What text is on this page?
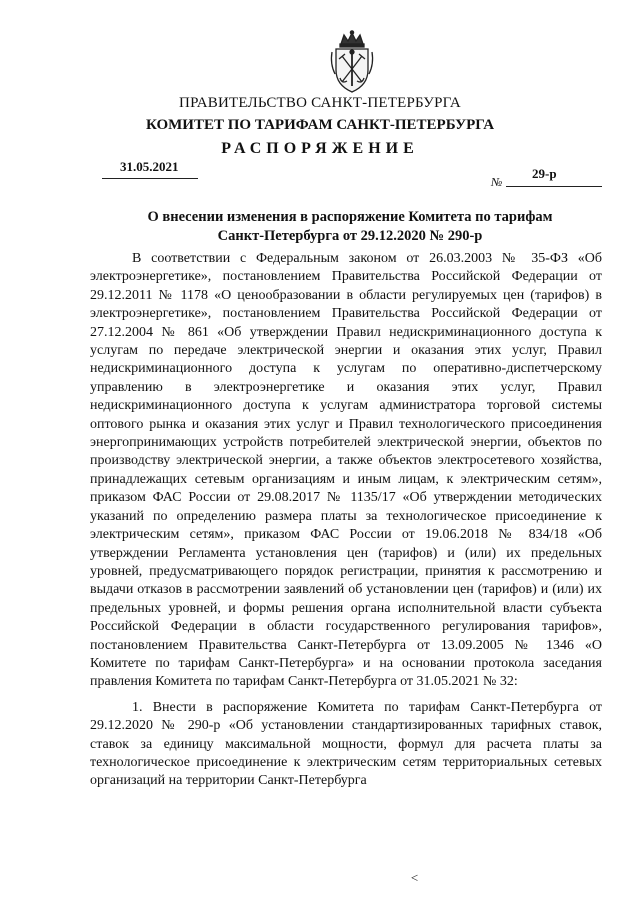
ПРАВИТЕЛЬСТВО САНКТ-ПЕТЕРБУРГА
КОМИТЕТ ПО ТАРИФАМ САНКТ-ПЕТЕРБУРГА
РАСПОРЯЖЕНИЕ
31.05.2021
№
29-р
О внесении изменения в распоряжение Комитета по тарифам
Санкт-Петербурга от 29.12.2020 № 290-р

В соответствии с Федеральным законом от 26.03.2003 № 35-ФЗ «Об электроэнергетике», постановлением Правительства Российской Федерации от 29.12.2011 № 1178 «О ценообразовании в области регулируемых цен (тарифов) в электроэнергетике», постановлением Правительства Российской Федерации от 27.12.2004 № 861 «Об утверждении Правил недискриминационного доступа к услугам по передаче электрической энергии и оказания этих услуг, Правил недискриминационного доступа к услугам по оперативно-диспетчерскому управлению в электроэнергетике и оказания этих услуг, Правил недискриминационного доступа к услугам администратора торговой системы оптового рынка и оказания этих услуг и Правил технологического присоединения энергопринимающих устройств потребителей электрической энергии, объектов по производству электрической энергии, а также объектов электросетевого хозяйства, принадлежащих сетевым организациям и иным лицам, к электрическим сетям», приказом ФАС России от 29.08.2017 № 1135/17 «Об утверждении методических указаний по определению размера платы за технологическое присоединение к электрическим сетям», приказом ФАС России от 19.06.2018 № 834/18 «Об утверждении Регламента установления цен (тарифов) и (или) их предельных уровней, предусматривающего порядок регистрации, принятия к рассмотрению и выдачи отказов в рассмотрении заявлений об установлении цен (тарифов) и (или) их предельных уровней, и формы решения органа исполнительной власти субъекта Российской Федерации в области государственного регулирования тарифов», постановлением Правительства Санкт-Петербурга от 13.09.2005 № 1346 «О Комитете по тарифам Санкт-Петербурга» и на основании протокола заседания правления Комитета по тарифам Санкт-Петербурга от 31.05.2021 № 32:

1. Внести в распоряжение Комитета по тарифам Санкт-Петербурга от 29.12.2020 № 290-р «Об установлении стандартизированных тарифных ставок, ставок за единицу максимальной мощности, формул для расчета платы за технологическое присоединение к электрическим сетям территориальных сетевых организаций на территории Санкт-Петербурга

<
